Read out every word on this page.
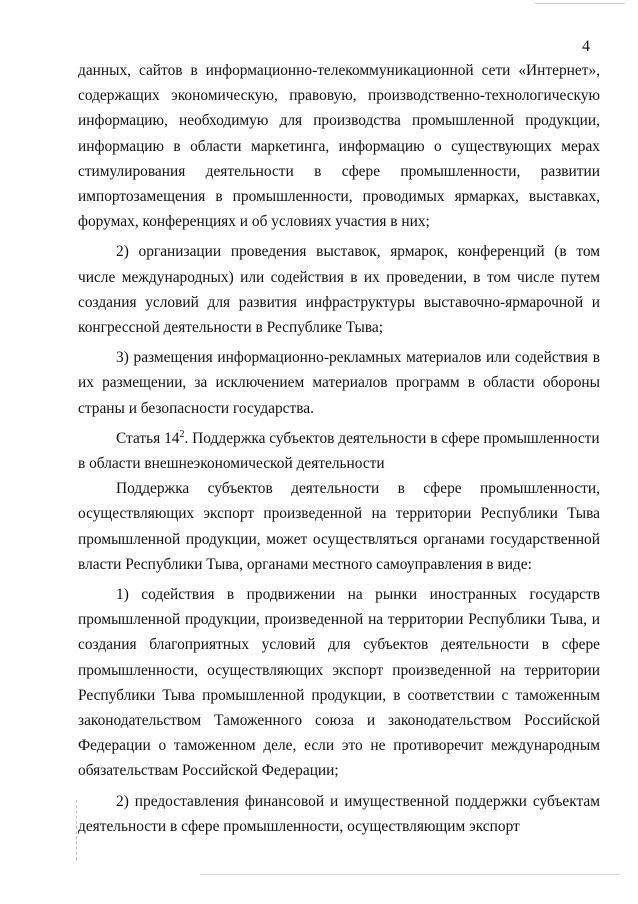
4

данных, сайтов в информационно-телекоммуникационной сети «Интернет», содержащих экономическую, правовую, производственно-технологическую информацию, необходимую для производства промышленной продукции, информацию в области маркетинга, информацию о существующих мерах стимулирования деятельности в сфере промышленности, развитии импортозамещения в промышленности, проводимых ярмарках, выставках, форумах, конференциях и об условиях участия в них;

2) организации проведения выставок, ярмарок, конференций (в том числе международных) или содействия в их проведении, в том числе путем создания условий для развития инфраструктуры выставочно-ярмарочной и конгрессной деятельности в Республике Тыва;

3) размещения информационно-рекламных материалов или содействия в их размещении, за исключением материалов программ в области обороны страны и безопасности государства.

Статья $14^2$. Поддержка субъектов деятельности в сфере промышленности в области внешнеэкономической деятельности

Поддержка субъектов деятельности в сфере промышленности, осуществляющих экспорт произведенной на территории Республики Тыва промышленной продукции, может осуществляться органами государственной власти Республики Тыва, органами местного самоуправления в виде:

1) содействия в продвижении на рынки иностранных государств промышленной продукции, произведенной на территории Республики Тыва, и создания благоприятных условий для субъектов деятельности в сфере промышленности, осуществляющих экспорт произведенной на территории Республики Тыва промышленной продукции, в соответствии с таможенным законодательством Таможенного союза и законодательством Российской Федерации о таможенном деле, если это не противоречит международным обязательствам Российской Федерации;

2) предоставления финансовой и имущественной поддержки субъектам деятельности в сфере промышленности, осуществляющим экспорт
